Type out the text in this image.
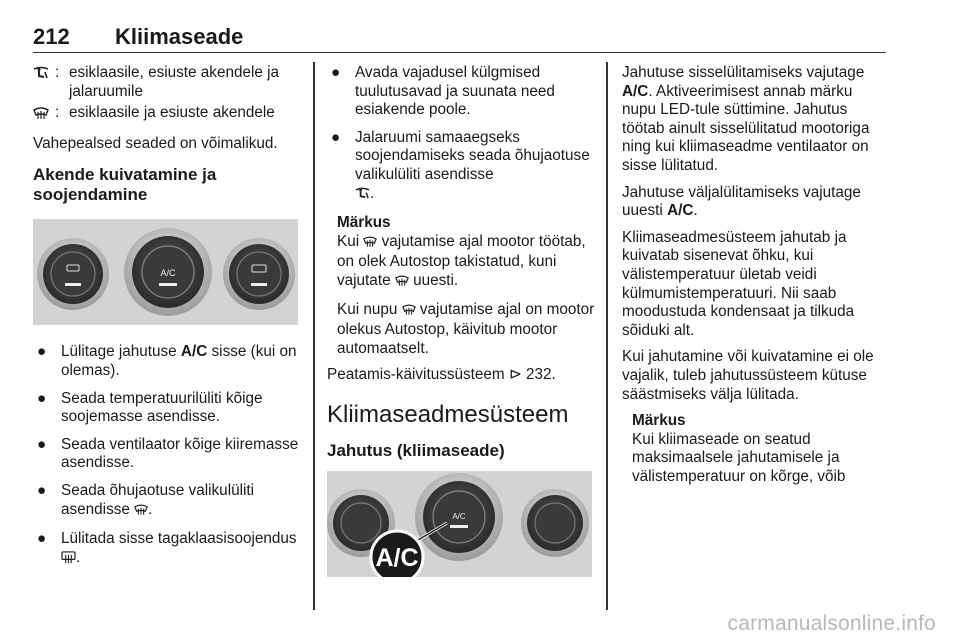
212 Kliimaseade
: esiklaasile, esiuste akendele ja jalaruumile
: esiklaasile ja esiuste akendele

Vahepealsed seaded on võimalikud.

Akende kuivatamine ja soojendamine
A/C
● Lülitage jahutuse A/C sisse (kui on olemas).
● Seada temperatuurilüliti kõige soojemasse asendisse.
● Seada ventilaator kõige kiiremasse asendisse.
● Seada õhujaotuse valikulüliti asendisse .
● Lülitada sisse tagaklaasisoojendus .
● Avada vajadusel külgmised tuulutusavad ja suunata need esiakende poole.
● Jalaruumi samaaegseks soojendamiseks seada õhujaotuse valikulüliti asendisse
.
Märkus

Kui  vajutamise ajal mootor töötab, on olek Autostop takistatud, kuni vajutate  uuesti.

Kui nupu  vajutamise ajal on mootor olekus Autostop, käivitub mootor automaatselt.

Peatamis-käivitussüsteem ⊳ 232.

Kliimaseadmesüsteem
Jahutus (kliimaseade)
A/C
A/C

Jahutuse sisselülitamiseks vajutage A/C. Aktiveerimisest annab märku nupu LED-tule süttimine. Jahutus töötab ainult sisselülitatud mootoriga ning kui kliimaseadme ventilaator on sisse lülitatud.

Jahutuse väljalülitamiseks vajutage uuesti A/C.

Kliimaseadmesüsteem jahutab ja kuivatab sisenevat õhku, kui välistemperatuur ületab veidi külmumistemperatuuri. Nii saab moodustuda kondensaat ja tilkuda sõiduki alt.

Kui jahutamine või kuivatamine ei ole vajalik, tuleb jahutussüsteem kütuse säästmiseks välja lülitada.

Märkus

Kui kliimaseade on seatud maksimaalsele jahutamisele ja välistemperatuur on kõrge, võib

carmanualsonline.info
